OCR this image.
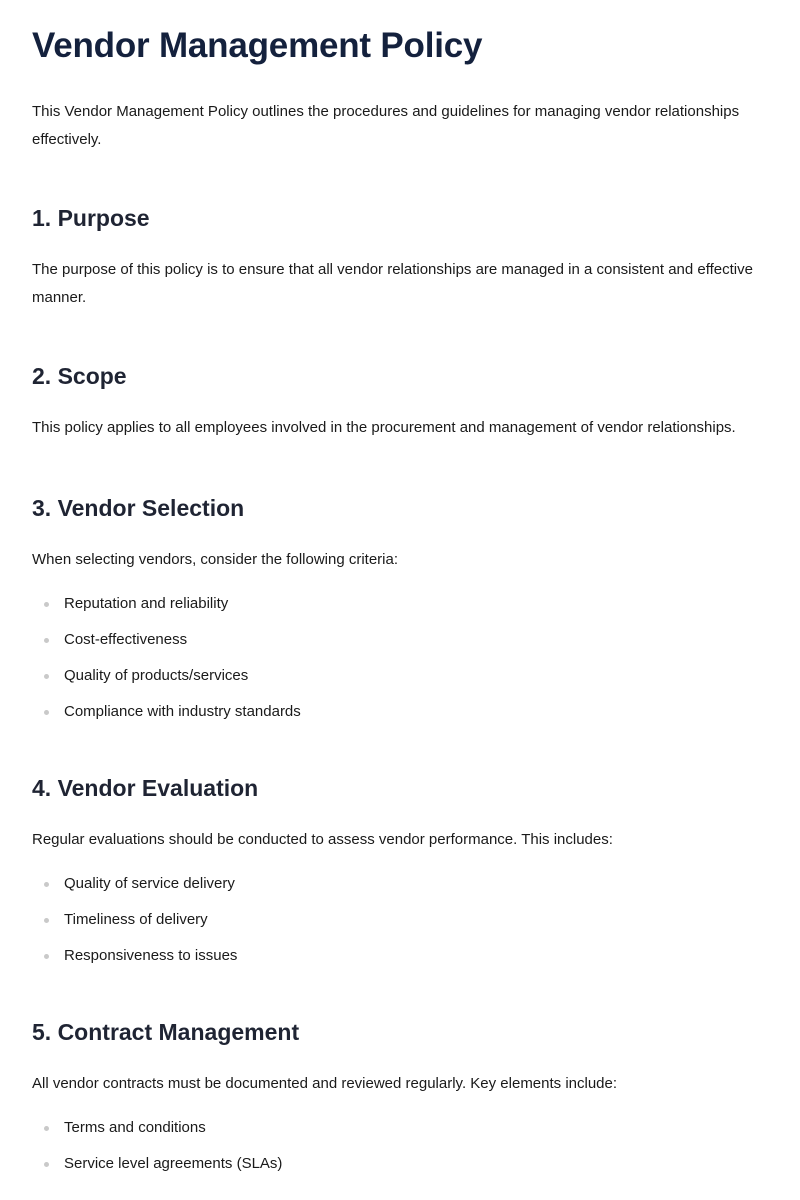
Vendor Management Policy

This Vendor Management Policy outlines the procedures and guidelines for managing vendor relationships effectively.

1. Purpose

The purpose of this policy is to ensure that all vendor relationships are managed in a consistent and effective manner.

2. Scope

This policy applies to all employees involved in the procurement and management of vendor relationships.

3. Vendor Selection

When selecting vendors, consider the following criteria:

Reputation and reliability
Cost-effectiveness
Quality of products/services
Compliance with industry standards
4. Vendor Evaluation

Regular evaluations should be conducted to assess vendor performance. This includes:

Quality of service delivery
Timeliness of delivery
Responsiveness to issues
5. Contract Management

All vendor contracts must be documented and reviewed regularly. Key elements include:

Terms and conditions
Service level agreements (SLAs)
